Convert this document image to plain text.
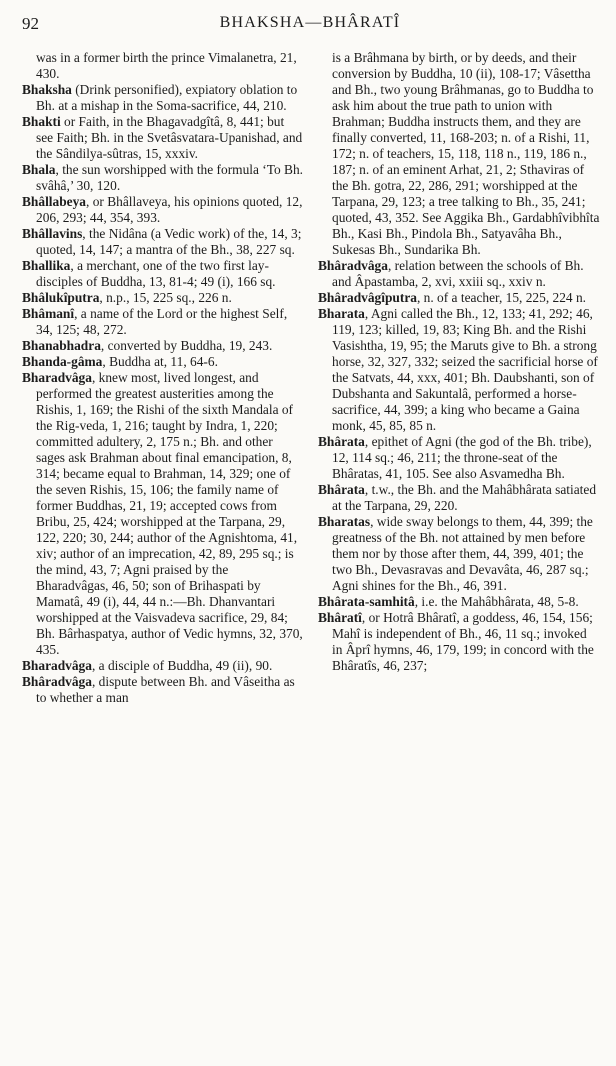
92	BHAKSHA—BHÂRATÎ

was in a former birth the prince Vimalanetra, 21, 430.

Bhaksha (Drink personified), expiatory oblation to Bh. at a mishap in the Soma-sacrifice, 44, 210.

Bhakti or Faith, in the Bhagavadgîtâ, 8, 441; but see Faith; Bh. in the Svetâsvatara-Upanishad, and the Sândilya-sûtras, 15, xxxiv.

Bhala, the sun worshipped with the formula ‘To Bh. svâhâ,’ 30, 120.

Bhâllabeya, or Bhâllaveya, his opinions quoted, 12, 206, 293; 44, 354, 393.

Bhâllavins, the Nidâna (a Vedic work) of the, 14, 3; quoted, 14, 147; a mantra of the Bh., 38, 227 sq.

Bhallika, a merchant, one of the two first lay-disciples of Buddha, 13, 81-4; 49 (i), 166 sq.

Bhâlukîputra, n.p., 15, 225 sq., 226 n.

Bhâmanî, a name of the Lord or the highest Self, 34, 125; 48, 272.

Bhanabhadra, converted by Buddha, 19, 243.

Bhanda-gâma, Buddha at, 11, 64-6.

Bharadvâga, knew most, lived longest, and performed the greatest austerities among the Rishis, 1, 169; the Rishi of the sixth Mandala of the Rig-veda, 1, 216; taught by Indra, 1, 220; committed adultery, 2, 175 n.; Bh. and other sages ask Brahman about final emancipation, 8, 314; became equal to Brahman, 14, 329; one of the seven Rishis, 15, 106; the family name of former Buddhas, 21, 19; accepted cows from Bribu, 25, 424; worshipped at the Tarpana, 29, 122, 220; 30, 244; author of the Agnishtoma, 41, xiv; author of an imprecation, 42, 89, 295 sq.; is the mind, 43, 7; Agni praised by the Bharadvâgas, 46, 50; son of Brihaspati by Mamatâ, 49 (i), 44, 44 n.:—Bh. Dhanvantari worshipped at the Vaisvadeva sacrifice, 29, 84; Bh. Bârhaspatya, author of Vedic hymns, 32, 370, 435.

Bharadvâga, a disciple of Buddha, 49 (ii), 90.

Bhâradvâga, dispute between Bh. and Vâseitha as to whether a man

is a Brâhmana by birth, or by deeds, and their conversion by Buddha, 10 (ii), 108-17; Vâsettha and Bh., two young Brâhmanas, go to Buddha to ask him about the true path to union with Brahman; Buddha instructs them, and they are finally converted, 11, 168-203; n. of a Rishi, 11, 172; n. of teachers, 15, 118, 118 n., 119, 186 n., 187; n. of an eminent Arhat, 21, 2; Sthaviras of the Bh. gotra, 22, 286, 291; worshipped at the Tarpana, 29, 123; a tree talking to Bh., 35, 241; quoted, 43, 352. See Aggika Bh., Gardabhîvibhîta Bh., Kasi Bh., Pindola Bh., Satyavâha Bh., Sukesas Bh., Sundarika Bh.

Bhâradvâga, relation between the schools of Bh. and Âpastamba, 2, xvi, xxiii sq., xxiv n.

Bhâradvâgîputra, n. of a teacher, 15, 225, 224 n.

Bharata, Agni called the Bh., 12, 133; 41, 292; 46, 119, 123; killed, 19, 83; King Bh. and the Rishi Vasishtha, 19, 95; the Maruts give to Bh. a strong horse, 32, 327, 332; seized the sacrificial horse of the Satvats, 44, xxx, 401; Bh. Daubshanti, son of Dubshanta and Sakuntalâ, performed a horse-sacrifice, 44, 399; a king who became a Gaina monk, 45, 85, 85 n.

Bhârata, epithet of Agni (the god of the Bh. tribe), 12, 114 sq.; 46, 211; the throne-seat of the Bhâratas, 41, 105. See also Asvamedha Bh.

Bhârata, t.w., the Bh. and the Mahâbhârata satiated at the Tarpana, 29, 220.

Bharatas, wide sway belongs to them, 44, 399; the greatness of the Bh. not attained by men before them nor by those after them, 44, 399, 401; the two Bh., Devasravas and Devavâta, 46, 287 sq.; Agni shines for the Bh., 46, 391.

Bhârata-samhitâ, i.e. the Mahâbhârata, 48, 5-8.

Bhâratî, or Hotrâ Bhâratî, a goddess, 46, 154, 156; Mahî is independent of Bh., 46, 11 sq.; invoked in Âprî hymns, 46, 179, 199; in concord with the Bhâratîs, 46, 237;
